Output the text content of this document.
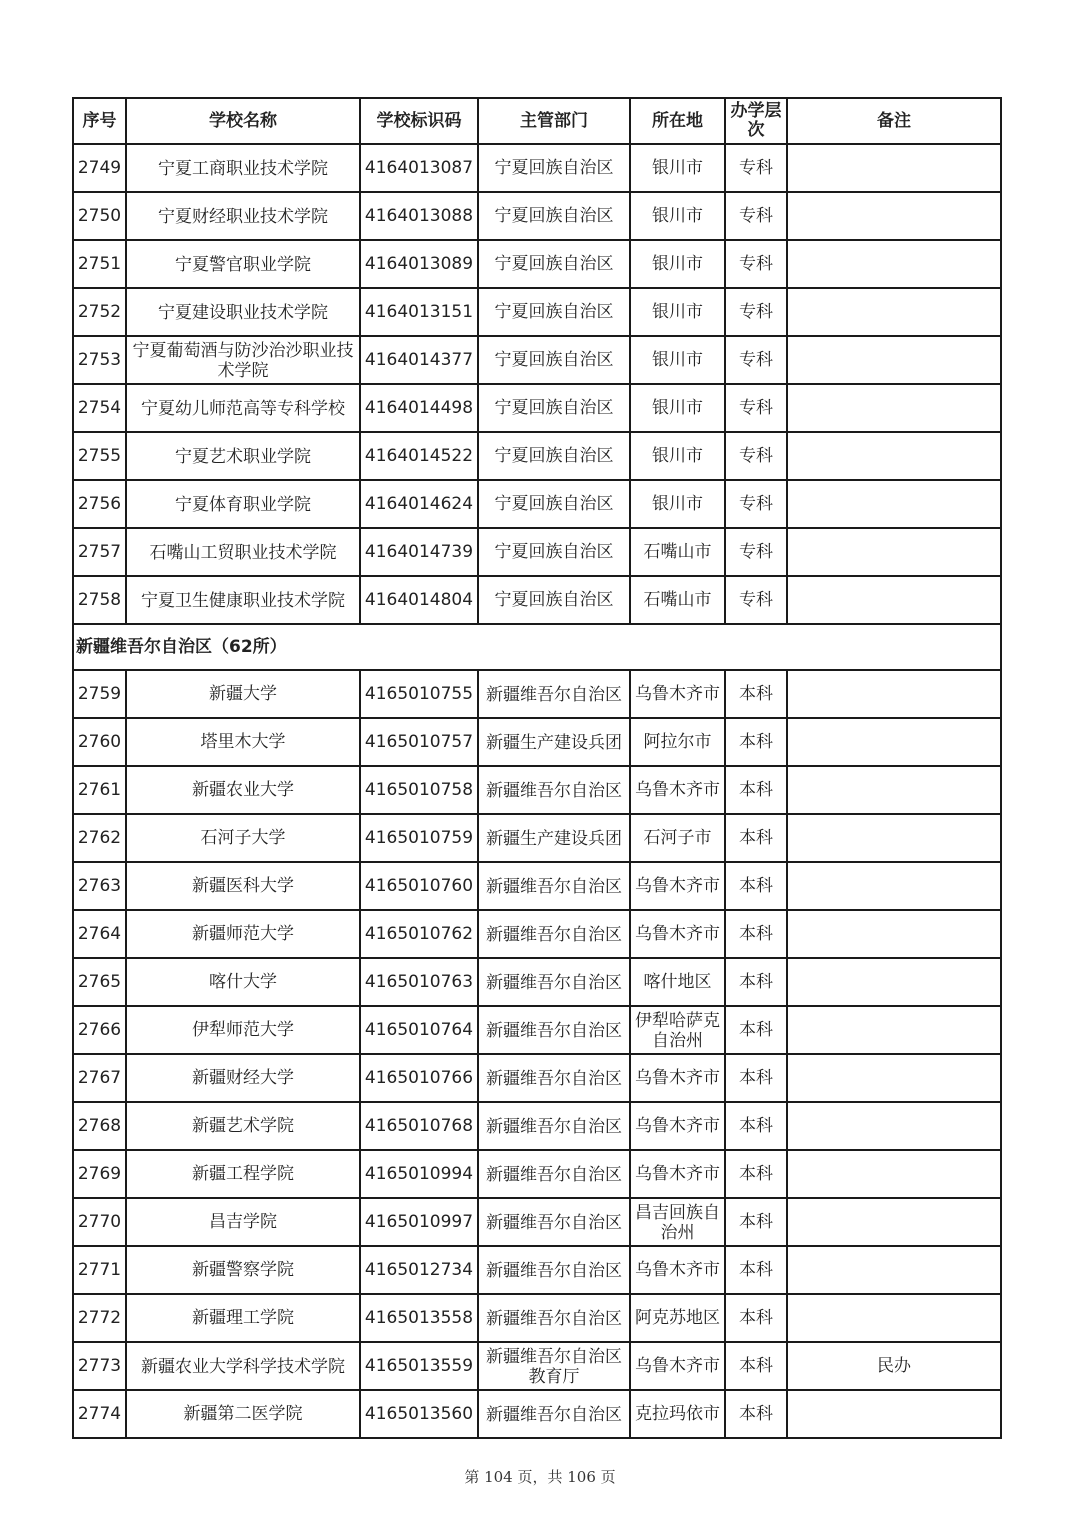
序号	学校名称	学校标识码	主管部门	所在地	办学层次	备注
2749	宁夏工商职业技术学院	4164013087	宁夏回族自治区	银川市	专科	
2750	宁夏财经职业技术学院	4164013088	宁夏回族自治区	银川市	专科	
2751	宁夏警官职业学院	4164013089	宁夏回族自治区	银川市	专科	
2752	宁夏建设职业技术学院	4164013151	宁夏回族自治区	银川市	专科	
2753	宁夏葡萄酒与防沙治沙职业技术学院	4164014377	宁夏回族自治区	银川市	专科	
2754	宁夏幼儿师范高等专科学校	4164014498	宁夏回族自治区	银川市	专科	
2755	宁夏艺术职业学院	4164014522	宁夏回族自治区	银川市	专科	
2756	宁夏体育职业学院	4164014624	宁夏回族自治区	银川市	专科	
2757	石嘴山工贸职业技术学院	4164014739	宁夏回族自治区	石嘴山市	专科	
2758	宁夏卫生健康职业技术学院	4164014804	宁夏回族自治区	石嘴山市	专科	
新疆维吾尔自治区（62所）						
2759	新疆大学	4165010755	新疆维吾尔自治区	乌鲁木齐市	本科	
2760	塔里木大学	4165010757	新疆生产建设兵团	阿拉尔市	本科	
2761	新疆农业大学	4165010758	新疆维吾尔自治区	乌鲁木齐市	本科	
2762	石河子大学	4165010759	新疆生产建设兵团	石河子市	本科	
2763	新疆医科大学	4165010760	新疆维吾尔自治区	乌鲁木齐市	本科	
2764	新疆师范大学	4165010762	新疆维吾尔自治区	乌鲁木齐市	本科	
2765	喀什大学	4165010763	新疆维吾尔自治区	喀什地区	本科	
2766	伊犁师范大学	4165010764	新疆维吾尔自治区	伊犁哈萨克自治州	本科	
2767	新疆财经大学	4165010766	新疆维吾尔自治区	乌鲁木齐市	本科	
2768	新疆艺术学院	4165010768	新疆维吾尔自治区	乌鲁木齐市	本科	
2769	新疆工程学院	4165010994	新疆维吾尔自治区	乌鲁木齐市	本科	
2770	昌吉学院	4165010997	新疆维吾尔自治区	昌吉回族自治州	本科	
2771	新疆警察学院	4165012734	新疆维吾尔自治区	乌鲁木齐市	本科	
2772	新疆理工学院	4165013558	新疆维吾尔自治区	阿克苏地区	本科	
2773	新疆农业大学科学技术学院	4165013559	新疆维吾尔自治区教育厅	乌鲁木齐市	本科	民办
2774	新疆第二医学院	4165013560	新疆维吾尔自治区	克拉玛依市	本科	
第 104 页，共 106 页
